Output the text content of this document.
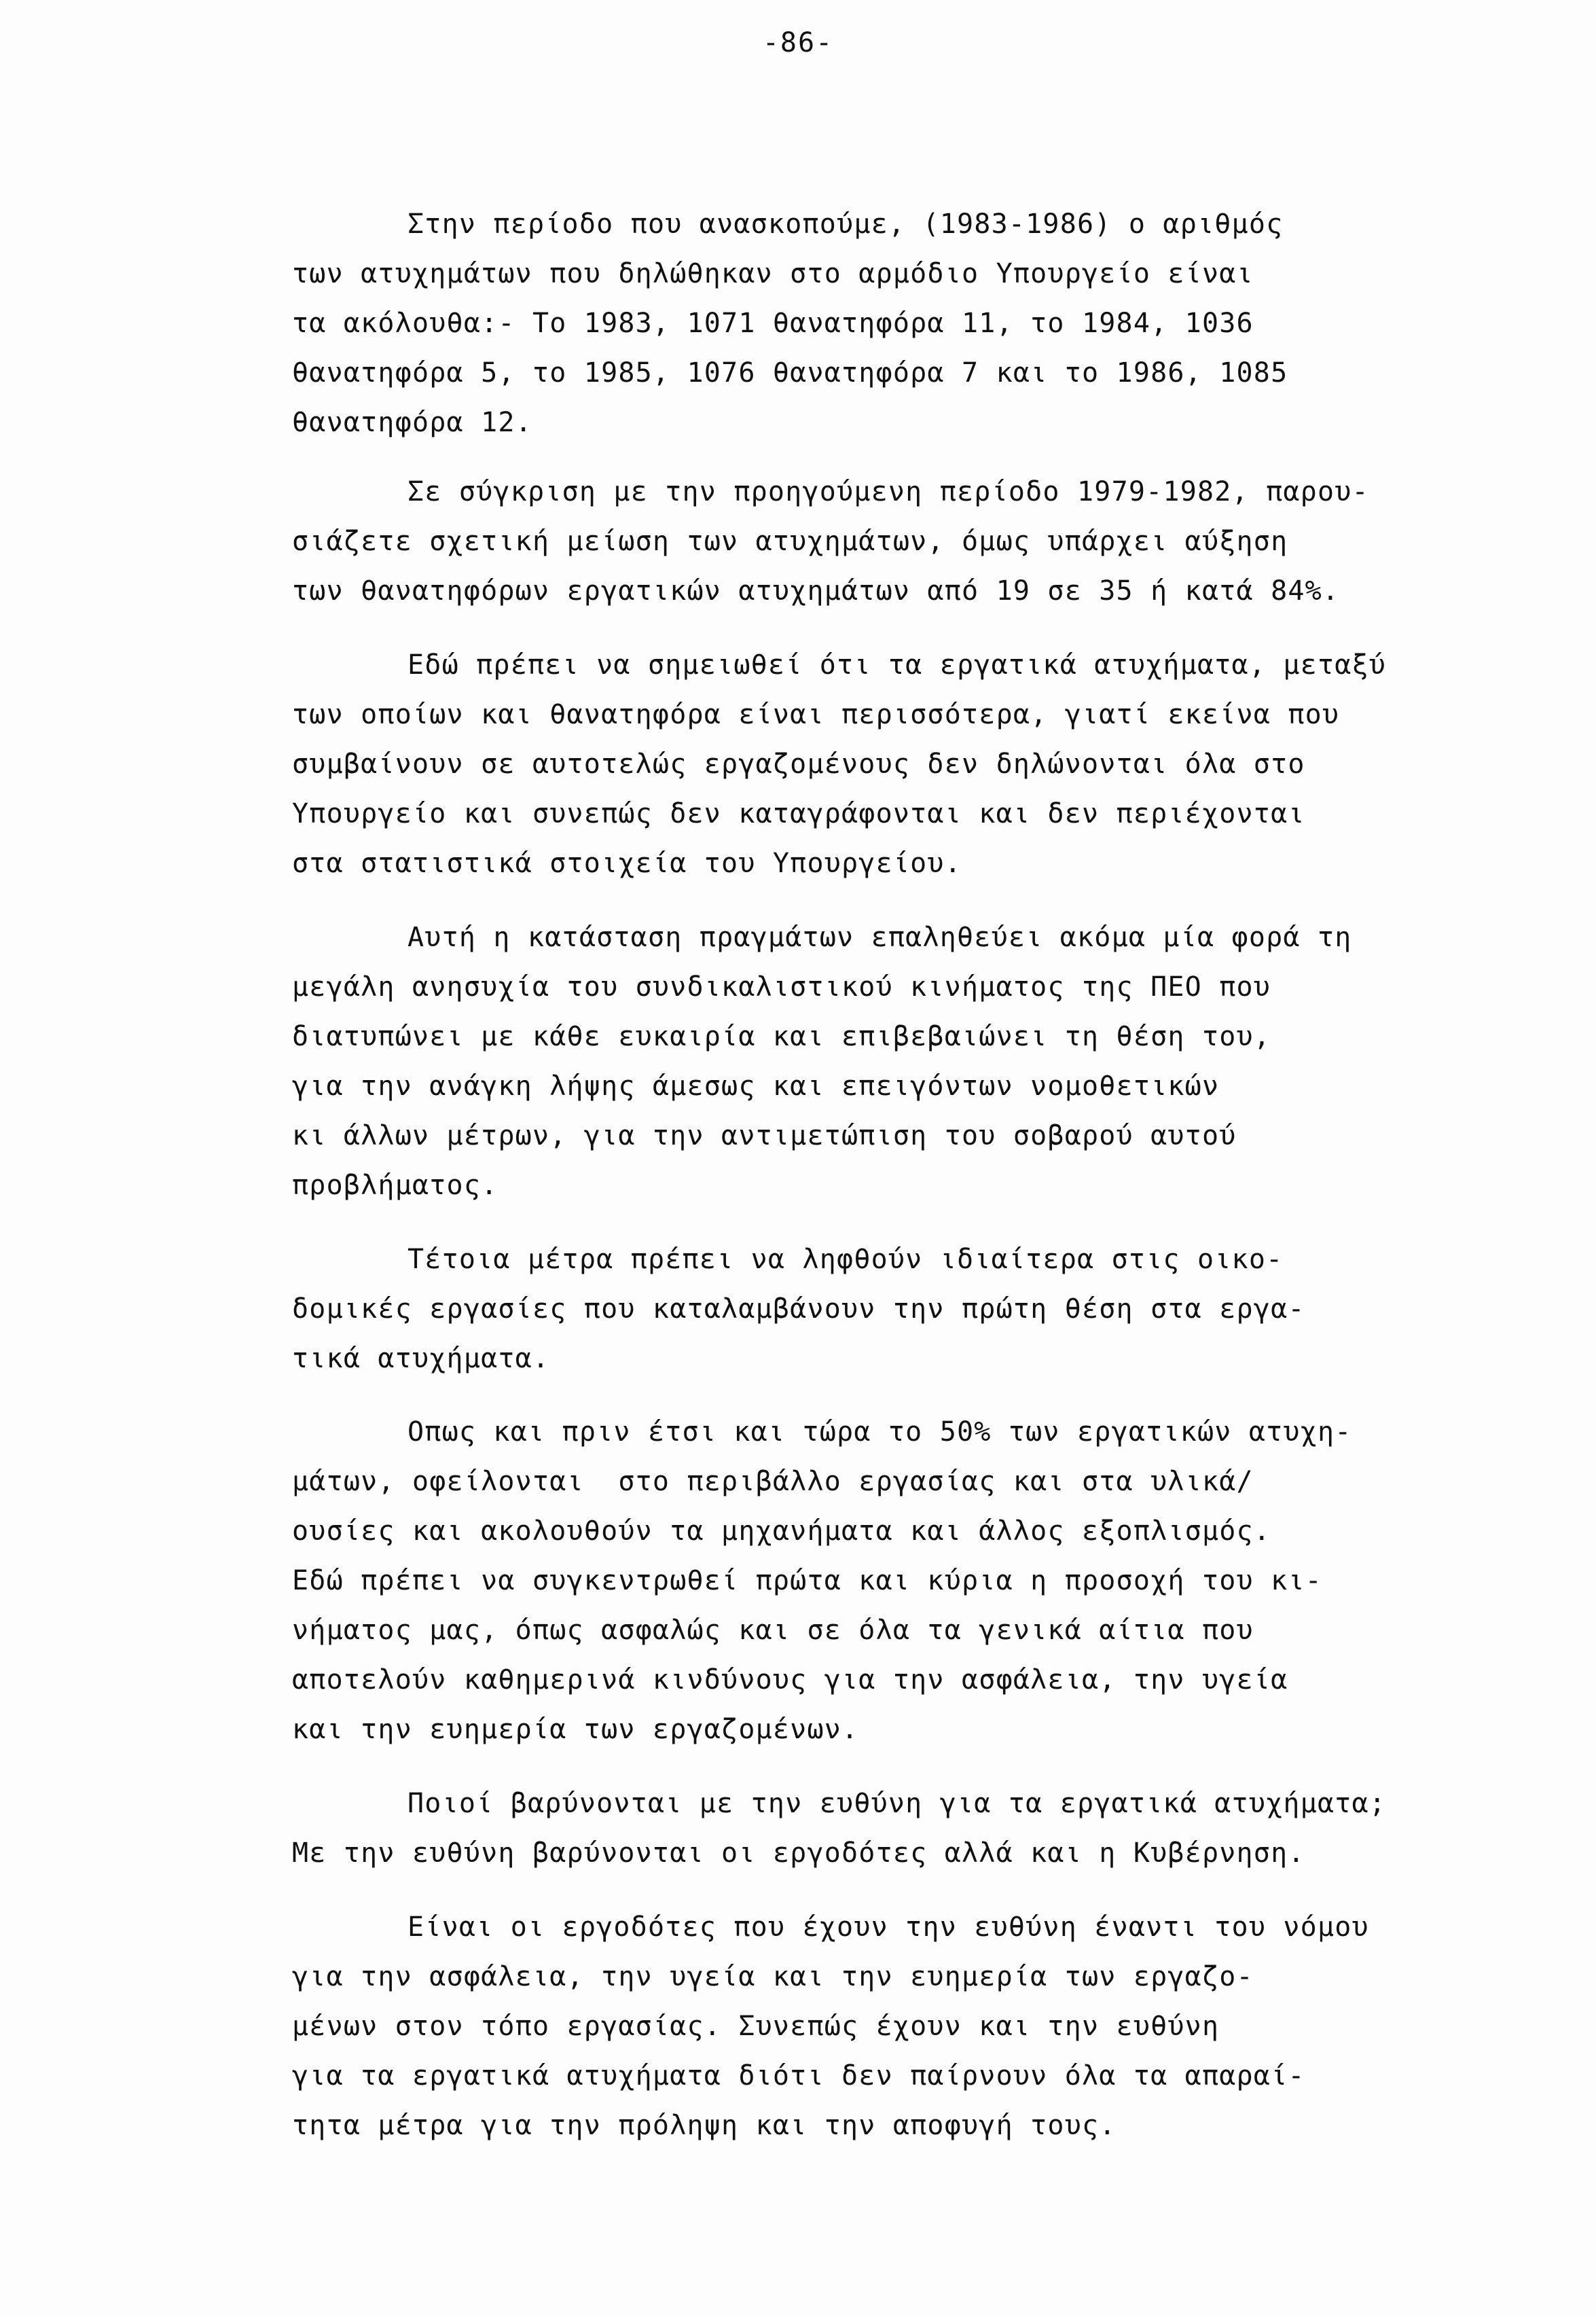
-86-
Στην περίοδο που ανασκοπούμε, (1983-1986) ο αριθμός
των ατυχημάτων που δηλώθηκαν στο αρμόδιο Υπουργείο είναι
τα ακόλουθα:- Το 1983, 1071 θανατηφόρα 11, το 1984, 1036
θανατηφόρα 5, το 1985, 1076 θανατηφόρα 7 και το 1986, 1085
θανατηφόρα 12.
Σε σύγκριση με την προηγούμενη περίοδο 1979-1982, παρου-
σιάζετε σχετική μείωση των ατυχημάτων, όμως υπάρχει αύξηση
των θανατηφόρων εργατικών ατυχημάτων από 19 σε 35 ή κατά 84%.
Εδώ πρέπει να σημειωθεί ότι τα εργατικά ατυχήματα, μεταξύ
των οποίων και θανατηφόρα είναι περισσότερα, γιατί εκείνα που
συμβαίνουν σε αυτοτελώς εργαζομένους δεν δηλώνονται όλα στο
Υπουργείο και συνεπώς δεν καταγράφονται και δεν περιέχονται
στα στατιστικά στοιχεία του Υπουργείου.
Αυτή η κατάσταση πραγμάτων επαληθεύει ακόμα μία φορά τη
μεγάλη ανησυχία του συνδικαλιστικού κινήματος της ΠΕΟ που
διατυπώνει με κάθε ευκαιρία και επιβεβαιώνει τη θέση του,
για την ανάγκη λήψης άμεσως και επειγόντων νομοθετικών
κι άλλων μέτρων, για την αντιμετώπιση του σοβαρού αυτού
προβλήματος.
Τέτοια μέτρα πρέπει να ληφθούν ιδιαίτερα στις οικο-
δομικές εργασίες που καταλαμβάνουν την πρώτη θέση στα εργα-
τικά ατυχήματα.
Οπως και πριν έτσι και τώρα το 50% των εργατικών ατυχη-
μάτων, οφείλονται  στο περιβάλλο εργασίας και στα υλικά/
ουσίες και ακολουθούν τα μηχανήματα και άλλος εξοπλισμός.
Εδώ πρέπει να συγκεντρωθεί πρώτα και κύρια η προσοχή του κι-
νήματος μας, όπως ασφαλώς και σε όλα τα γενικά αίτια που
αποτελούν καθημερινά κινδύνους για την ασφάλεια, την υγεία
και την ευημερία των εργαζομένων.
Ποιοί βαρύνονται με την ευθύνη για τα εργατικά ατυχήματα;
Με την ευθύνη βαρύνονται οι εργοδότες αλλά και η Κυβέρνηση.
Είναι οι εργοδότες που έχουν την ευθύνη έναντι του νόμου
για την ασφάλεια, την υγεία και την ευημερία των εργαζο-
μένων στον τόπο εργασίας. Συνεπώς έχουν και την ευθύνη
για τα εργατικά ατυχήματα διότι δεν παίρνουν όλα τα απαραί-
τητα μέτρα για την πρόληψη και την αποφυγή τους.
